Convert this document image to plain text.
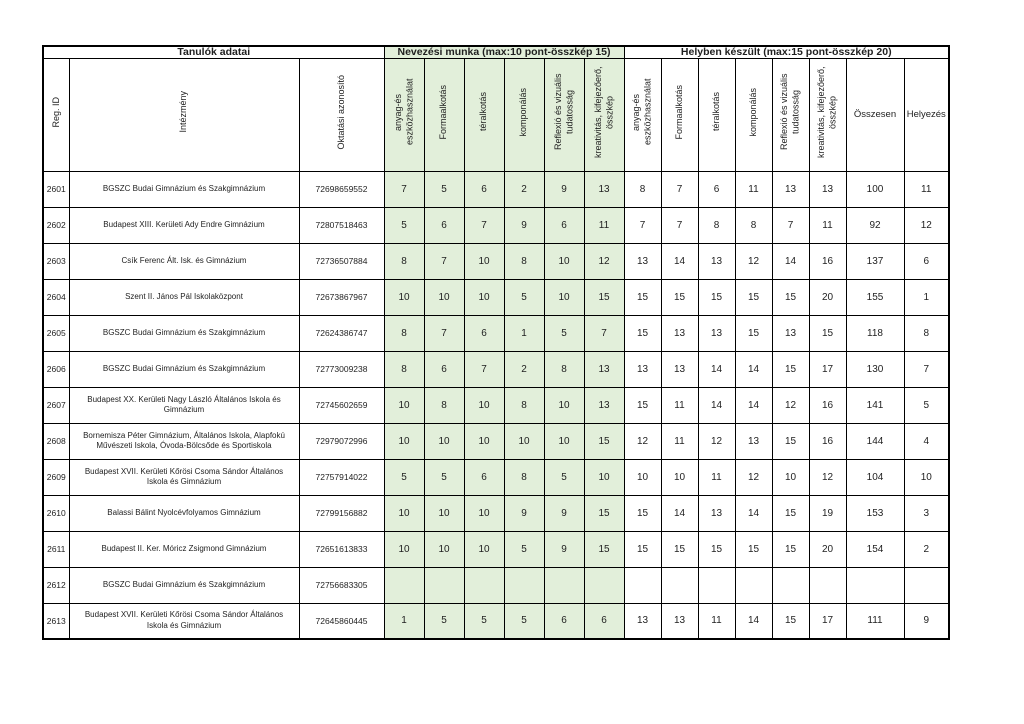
Tanulók adatai			Nevezési munka (max:10 pont-összkép 15)						Helyben készült (max:15 pont-összkép 20)							
Reg. ID	Intézmény	Oktatási azonosító	anyag-és eszközhasználat	Formaalkotás	téralkotás	komponálás	Reflexió és vizuális tudatosság	kreativitás, kifejezőerő, összkép	anyag-és eszközhasználat	Formaalkotás	téralkotás	komponálás	Reflexió és vizuális tudatosság	kreativitás, kifejezőerő, összkép	Összesen	Helyezés
2601	BGSZC Budai Gimnázium és Szakgimnázium	72698659552	7	5	6	2	9	13	8	7	6	11	13	13	100	11
2602	Budapest XIII. Kerületi Ady Endre Gimnázium	72807518463	5	6	7	9	6	11	7	7	8	8	7	11	92	12
2603	Csík Ferenc Ált. Isk. és Gimnázium	72736507884	8	7	10	8	10	12	13	14	13	12	14	16	137	6
2604	Szent II. János Pál Iskolaközpont	72673867967	10	10	10	5	10	15	15	15	15	15	15	20	155	1
2605	BGSZC Budai Gimnázium és Szakgimnázium	72624386747	8	7	6	1	5	7	15	13	13	15	13	15	118	8
2606	BGSZC Budai Gimnázium és Szakgimnázium	72773009238	8	6	7	2	8	13	13	13	14	14	15	17	130	7
2607	Budapest XX. Kerületi Nagy László Általános Iskola és Gimnázium	72745602659	10	8	10	8	10	13	15	11	14	14	12	16	141	5
2608	Bornemisza Péter Gimnázium, Általános Iskola, Alapfokú Művészeti Iskola, Óvoda-Bölcsőde és Sportiskola	72979072996	10	10	10	10	10	15	12	11	12	13	15	16	144	4
2609	Budapest XVII. Kerületi Kőrösi Csoma Sándor Általános Iskola és Gimnázium	72757914022	5	5	6	8	5	10	10	10	11	12	10	12	104	10
2610	Balassi Bálint Nyolcévfolyamos Gimnázium	72799156882	10	10	10	9	9	15	15	14	13	14	15	19	153	3
2611	Budapest II. Ker. Móricz Zsigmond Gimnázium	72651613833	10	10	10	5	9	15	15	15	15	15	15	20	154	2
2612	BGSZC Budai Gimnázium és Szakgimnázium	72756683305														
2613	Budapest XVII. Kerületi Kőrösi Csoma Sándor Általános Iskola és Gimnázium	72645860445	1	5	5	5	6	6	13	13	11	14	15	17	111	9
